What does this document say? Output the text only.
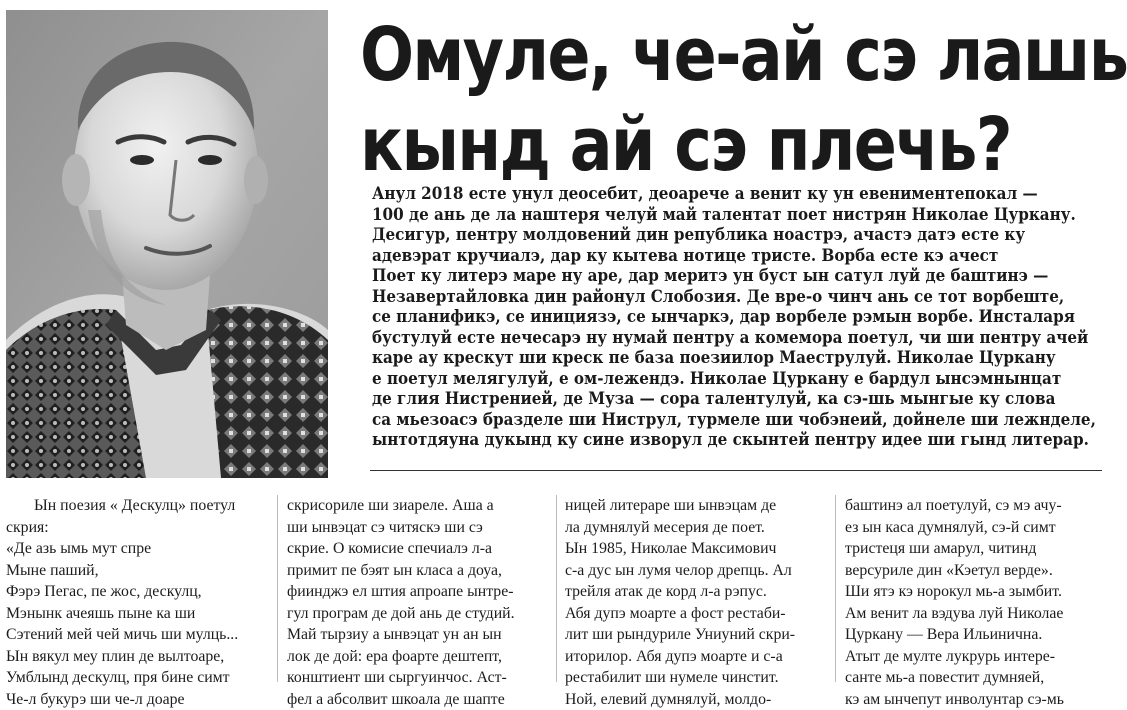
Омуле, че-ай сэ лашь
кынд ай сэ плечь?
Анул 2018 есте унул деосебит, деоаречe а венит ку ун евениментепокал —
100 де ань де ла наштеря челуй май талентат поет нистрян Николае Цуркану.
Десигур, пентру молдовений дин републикa ноастрэ, ачастэ датэ есте ку
адевэрат кручиалэ, дар ку кытева нотице тристе. Ворба есте кэ ачест
Поет ку литерэ маре ну аре, дар меритэ ун буст ын сатул луй де баштинэ —
Незавертайловка дин районул Слобозия. Де вре-о чинч ань се тот ворбеште,
се планификэ, се инициязэ, се ынчаркэ, дар ворбеле рэмын ворбе. Инсталаря
бустулуй есте нечесарэ ну нумай пентру а комемора поетул, чи ши пентру ачей
каре ау крескут ши креск пе база поезиилор Маеструлуй. Николае Цуркану
е поетул мелягулуй, е ом-лежендэ. Николае Цуркану е бардул ынсэмнынцат
де глия Нистренией, де Муза — сора талентулуй, ка сэ-шь мынгые ку слова
са мьезоасэ бразделе ши Ниструл, турмеле ши чобэнеий, дойнеле ши лежнделе,
ынтотдяуна дукынд ку сине изворул де скынтей пентру идее ши гынд литерар.
Ын поезия « Дескулц» поетул
скрия:
«Де азь ымь мут спре
Мыне паший,
Фэрэ Пегас, пе жос, дескулц,
Мэнынк ачеяшь пыне ка ши
Сэтений мей чей мичь ши мулць...
Ын вякул меу плин де вылтоаре,
Умблынд дескулц, пря бине симт
Че-л букурэ ши че-л доаре
скрисориле ши зиареле. Аша а
ши ынвэцат сэ читяскэ ши сэ
скрие. О комисие спечиалэ л-а
примит пе бэят ын класа а доуа,
фиинджэ ел штия апроапе ынтре-
гул програм де дой ань де студий.
Май тырзиу а ынвэцат ун ан ын
лок де дой: ера фоарте дештепт,
конштиент ши сыргуинчос. Аст-
фел а абсолвит шкоала де шапте
ницей литераре ши ынвэцам де
ла думнялуй месерия де поет.
Ын 1985, Николае Максимович
с-а дус ын лумя челор дрепць. Ал
трейля атак де корд л-а рэпус.
Абя дупэ моарте а фост рестаби-
лит ши рындуриле Униуний скри-
иторилор. Абя дупэ моарте и с-а
рестабилит ши нумеле чинстит.
Ной, елевий думнялуй, молдо-
баштинэ ал поетулуй, сэ мэ ачу-
ез ын каса думнялуй, сэ-й симт
тристеця ши амарул, читинд
версуриле дин «Кэетул верде».
Ши ятэ кэ норокул мь-а зымбит.
Ам венит ла вэдува луй Николае
Цуркану — Вера Ильинична.
Атыт де мулте лукрурь интере-
санте мь-а повестит думняей,
кэ ам ынчепут инволунтар сэ-мь
